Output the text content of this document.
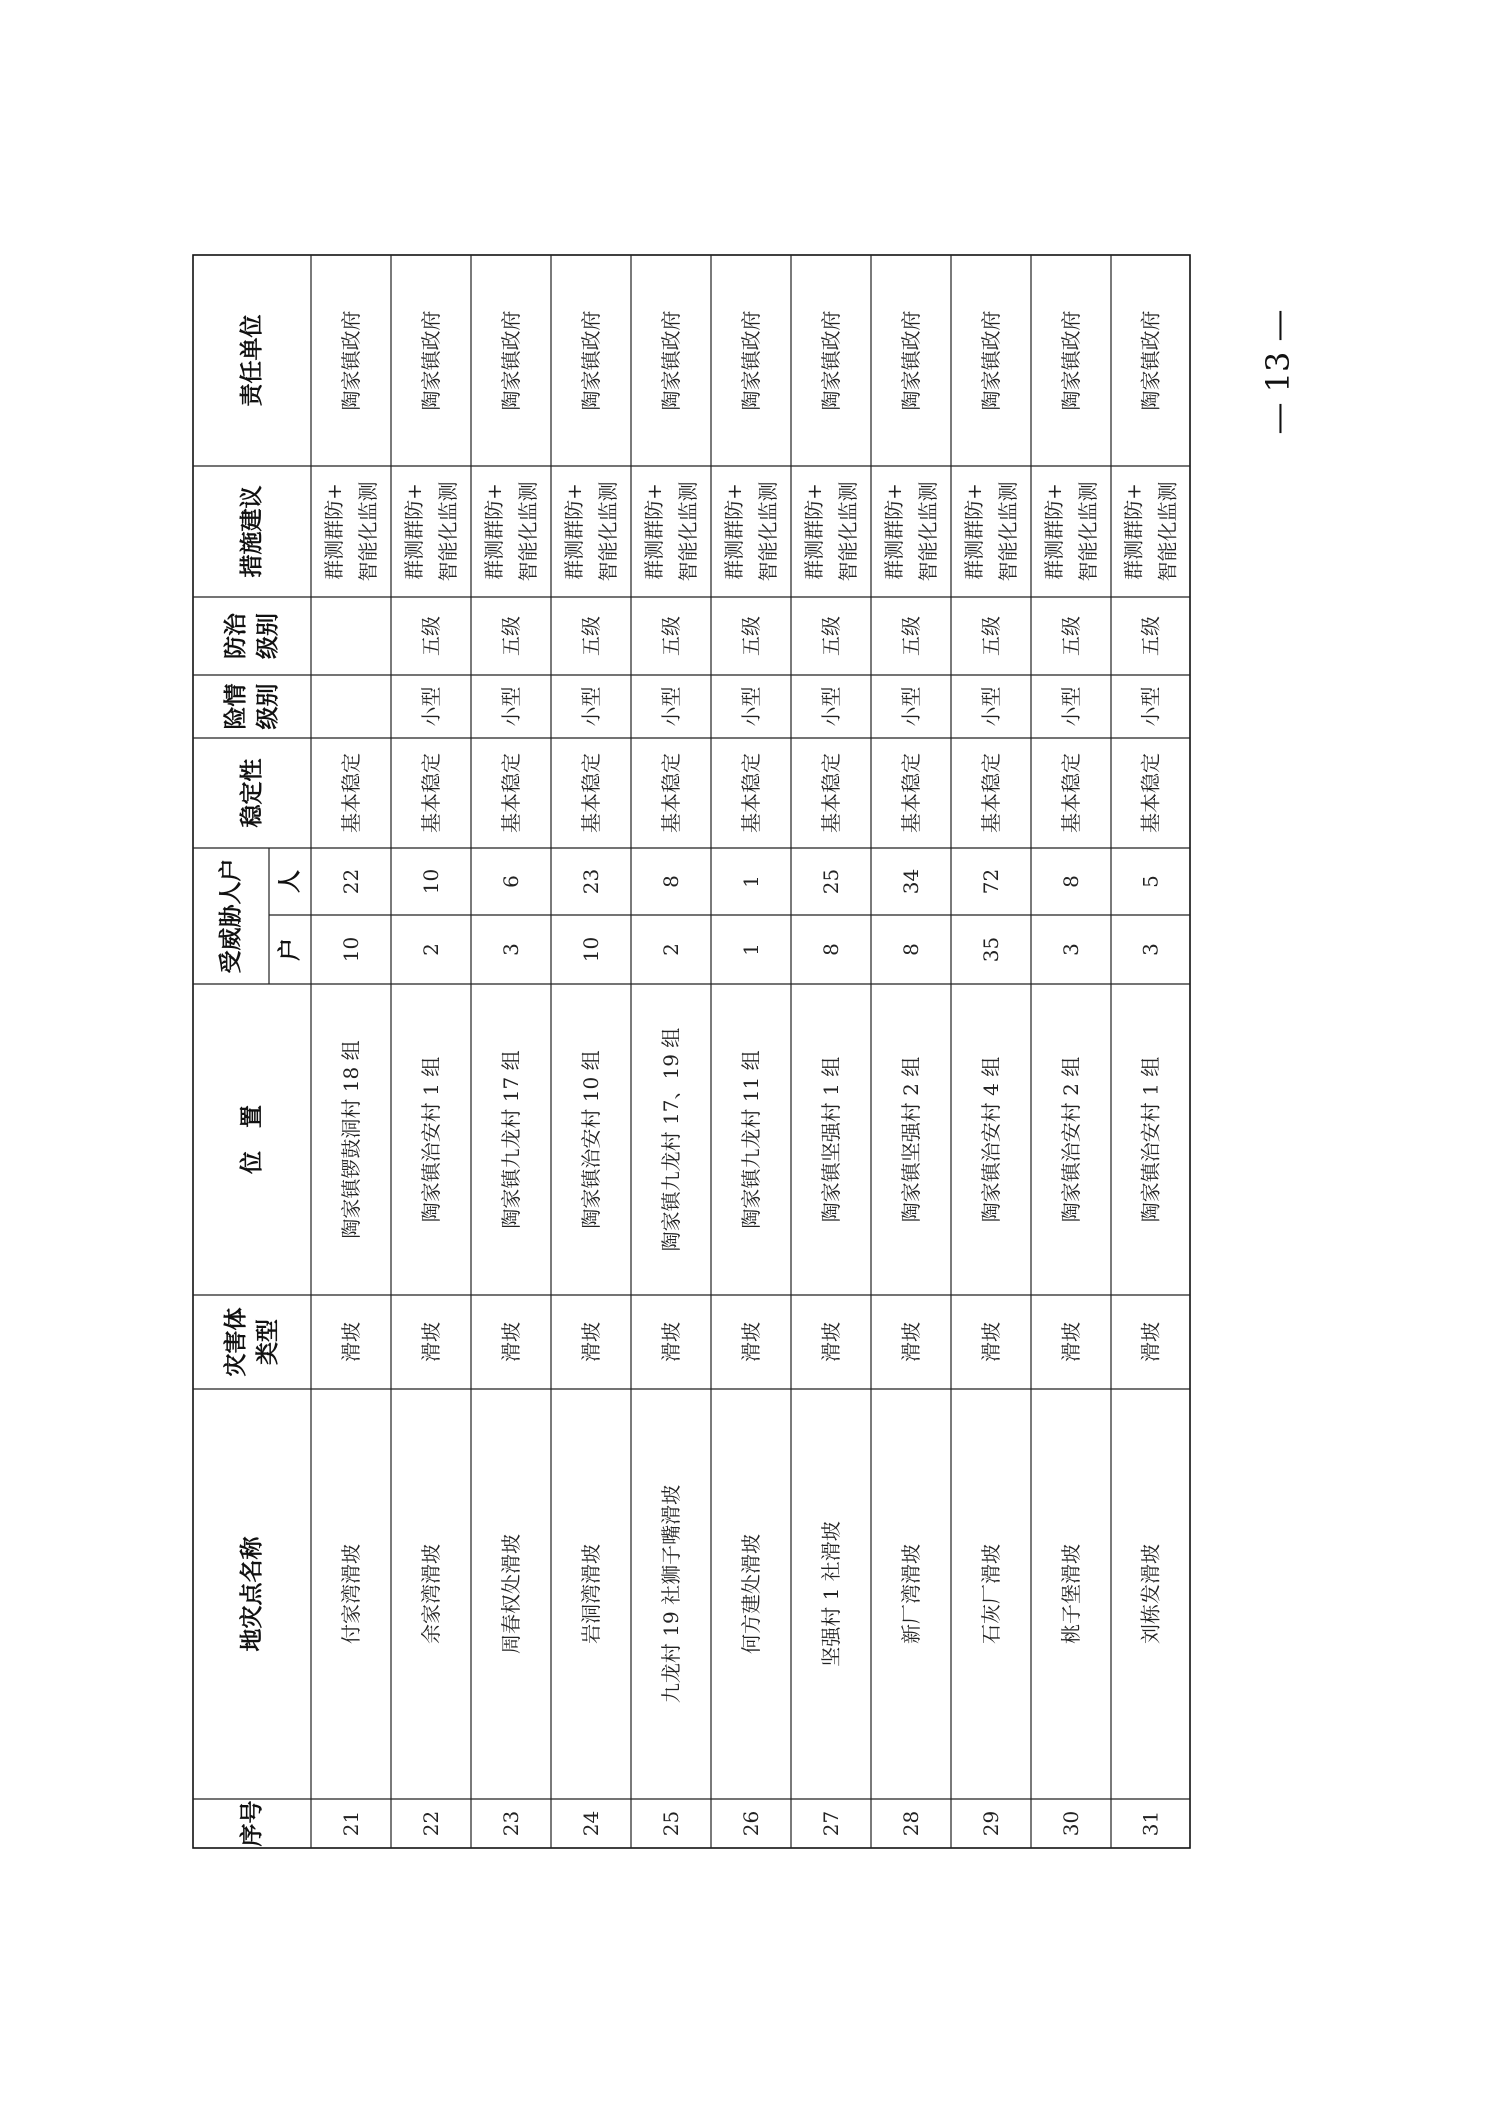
责任单位
措施建议
防治 级别
险情 级别
稳定性
受威胁人户 人
户
位　置
灾害体 类型
地灾点名称
序号
陶家镇政府
群测群防+ 智能化监测
基本稳定
22
10
陶家镇锣鼓洞村 18 组
滑坡
付家湾滑坡
21
陶家镇政府
群测群防+ 智能化监测
五级
小型
基本稳定
10
2
陶家镇治安村 1 组
滑坡
余家湾滑坡
22
陶家镇政府
群测群防+ 智能化监测
五级
小型
基本稳定
6
3
陶家镇九龙村 17 组
滑坡
周春权处滑坡
23
陶家镇政府
群测群防+ 智能化监测
五级
小型
基本稳定
23
10
陶家镇治安村 10 组
滑坡
岩洞湾滑坡
24
陶家镇政府
群测群防+ 智能化监测
五级
小型
基本稳定
8
2
陶家镇九龙村 17、19 组
滑坡
九龙村 19 社狮子嘴滑坡
25
陶家镇政府
群测群防+ 智能化监测
五级
小型
基本稳定
1
1
陶家镇九龙村 11 组
滑坡
何方建处滑坡
26
陶家镇政府
群测群防+ 智能化监测
五级
小型
基本稳定
25
8
陶家镇坚强村 1 组
滑坡
坚强村 1 社滑坡
27
陶家镇政府
群测群防+ 智能化监测
五级
小型
基本稳定
34
8
陶家镇坚强村 2 组
滑坡
新厂湾滑坡
28
陶家镇政府
群测群防+ 智能化监测
五级
小型
基本稳定
72
35
陶家镇治安村 4 组
滑坡
石灰厂滑坡
29
陶家镇政府
群测群防+ 智能化监测
五级
小型
基本稳定
8
3
陶家镇治安村 2 组
滑坡
桃子堡滑坡
30
陶家镇政府
群测群防+ 智能化监测
五级
小型
基本稳定
5
3
陶家镇治安村 1 组
滑坡
刘栋发滑坡
31
— 13 —
